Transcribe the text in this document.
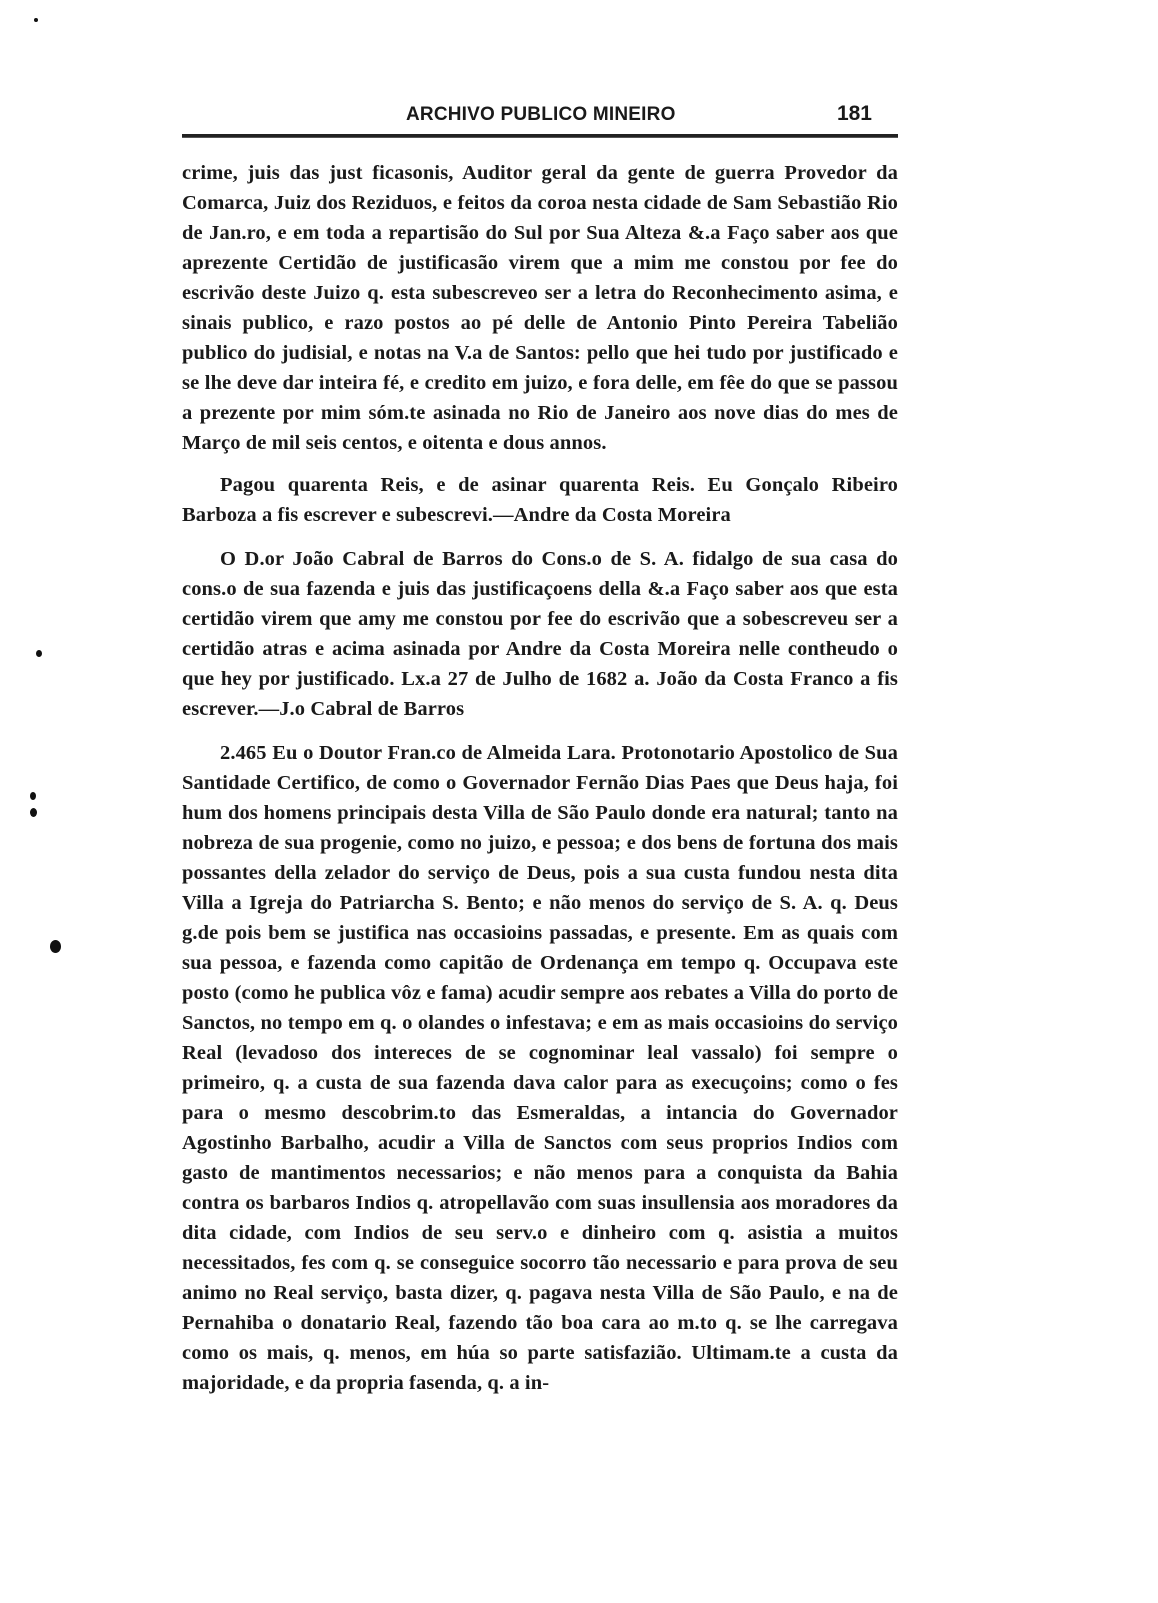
ARCHIVO PUBLICO MINEIRO	181

crime, juis das just ficasonis, Auditor geral da gente de guerra Provedor da Comarca, Juiz dos Reziduos, e feitos da coroa nesta cidade de Sam Sebastião Rio de Jan.ro, e em toda a repartisão do Sul por Sua Alteza &.a Faço saber aos que aprezente Certidão de justificasão virem que a mim me constou por fee do escrivão deste Juizo q. esta subescreveo ser a letra do Reconhecimento asima, e sinais publico, e razo postos ao pé delle de Antonio Pinto Pereira Tabelião publico do judisial, e notas na V.a de Santos: pello que hei tudo por justificado e se lhe deve dar inteira fé, e credito em juizo, e fora delle, em fêe do que se passou a prezente por mim sóm.te asinada no Rio de Janeiro aos nove dias do mes de Março de mil seis centos, e oitenta e dous annos.

Pagou quarenta Reis, e de asinar quarenta Reis. Eu Gonçalo Ribeiro Barboza a fis escrever e subescrevi.—Andre da Costa Moreira

O D.or João Cabral de Barros do Cons.o de S. A. fidalgo de sua casa do cons.o de sua fazenda e juis das justificaçoens della &.a Faço saber aos que esta certidão virem que amy me constou por fee do escrivão que a sobescreveu ser a certidão atras e acima asinada por Andre da Costa Moreira nelle contheudo o que hey por justificado. Lx.a 27 de Julho de 1682 a. João da Costa Franco a fis escrever.—J.o Cabral de Barros

2.465 Eu o Doutor Fran.co de Almeida Lara. Protonotario Apostolico de Sua Santidade Certifico, de como o Governador Fernão Dias Paes que Deus haja, foi hum dos homens principais desta Villa de São Paulo donde era natural; tanto na nobreza de sua progenie, como no juizo, e pessoa; e dos bens de fortuna dos mais possantes della zelador do serviço de Deus, pois a sua custa fundou nesta dita Villa a Igreja do Patriarcha S. Bento; e não menos do serviço de S. A. q. Deus g.de pois bem se justifica nas occasioins passadas, e presente. Em as quais com sua pessoa, e fazenda como capitão de Ordenança em tempo q. Occupava este posto (como he publica vôz e fama) acudir sempre aos rebates a Villa do porto de Sanctos, no tempo em q. o olandes o infestava; e em as mais occasioins do serviço Real (levadoso dos intereces de se cognominar leal vassalo) foi sempre o primeiro, q. a custa de sua fazenda dava calor para as execuçoins; como o fes para o mesmo descobrim.to das Esmeraldas, a intancia do Governador Agostinho Barbalho, acudir a Villa de Sanctos com seus proprios Indios com gasto de mantimentos necessarios; e não menos para a conquista da Bahia contra os barbaros Indios q. atropellavão com suas insullensia aos moradores da dita cidade, com Indios de seu serv.o e dinheiro com q. asistia a muitos necessitados, fes com q. se conseguice socorro tão necessario e para prova de seu animo no Real serviço, basta dizer, q. pagava nesta Villa de São Paulo, e na de Pernahiba o donatario Real, fazendo tão boa cara ao m.to q. se lhe carregava como os mais, q. menos, em húa so parte satisfazião. Ultimam.te a custa da majoridade, e da propria fasenda, q. a in-
